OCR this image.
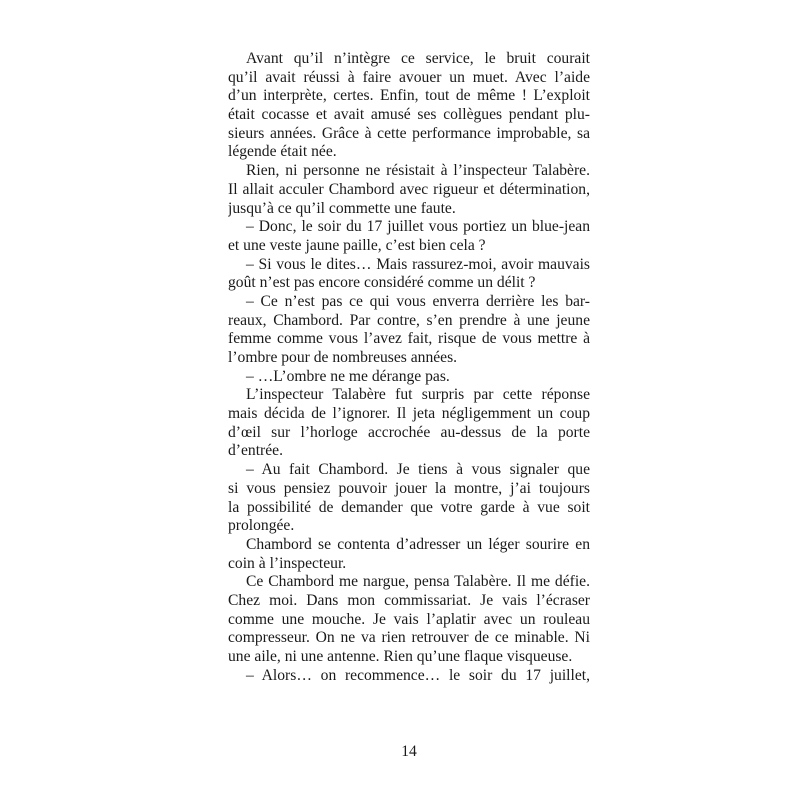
Avant qu’il n’intègre ce service, le bruit courait
qu’il avait réussi à faire avouer un muet. Avec l’aide
d’un interprète, certes. Enfin, tout de même ! L’exploit
était cocasse et avait amusé ses collègues pendant plu-
sieurs années. Grâce à cette performance improbable, sa
légende était née.
Rien, ni personne ne résistait à l’inspecteur Talabère.
Il allait acculer Chambord avec rigueur et détermination,
jusqu’à ce qu’il commette une faute.
– Donc, le soir du 17 juillet vous portiez un blue-jean
et une veste jaune paille, c’est bien cela ?
– Si vous le dites… Mais rassurez-moi, avoir mauvais
goût n’est pas encore considéré comme un délit ?
– Ce n’est pas ce qui vous enverra derrière les bar-
reaux, Chambord. Par contre, s’en prendre à une jeune
femme comme vous l’avez fait, risque de vous mettre à
l’ombre pour de nombreuses années.
– …L’ombre ne me dérange pas.
L’inspecteur Talabère fut surpris par cette réponse
mais décida de l’ignorer. Il jeta négligemment un coup
d’œil sur l’horloge accrochée au-dessus de la porte
d’entrée.
– Au fait Chambord. Je tiens à vous signaler que
si vous pensiez pouvoir jouer la montre, j’ai toujours
la possibilité de demander que votre garde à vue soit
prolongée.
Chambord se contenta d’adresser un léger sourire en
coin à l’inspecteur.
Ce Chambord me nargue, pensa Talabère. Il me défie.
Chez moi. Dans mon commissariat. Je vais l’écraser
comme une mouche. Je vais l’aplatir avec un rouleau
compresseur. On ne va rien retrouver de ce minable. Ni
une aile, ni une antenne. Rien qu’une flaque visqueuse.
– Alors… on recommence… le soir du 17 juillet,
14
